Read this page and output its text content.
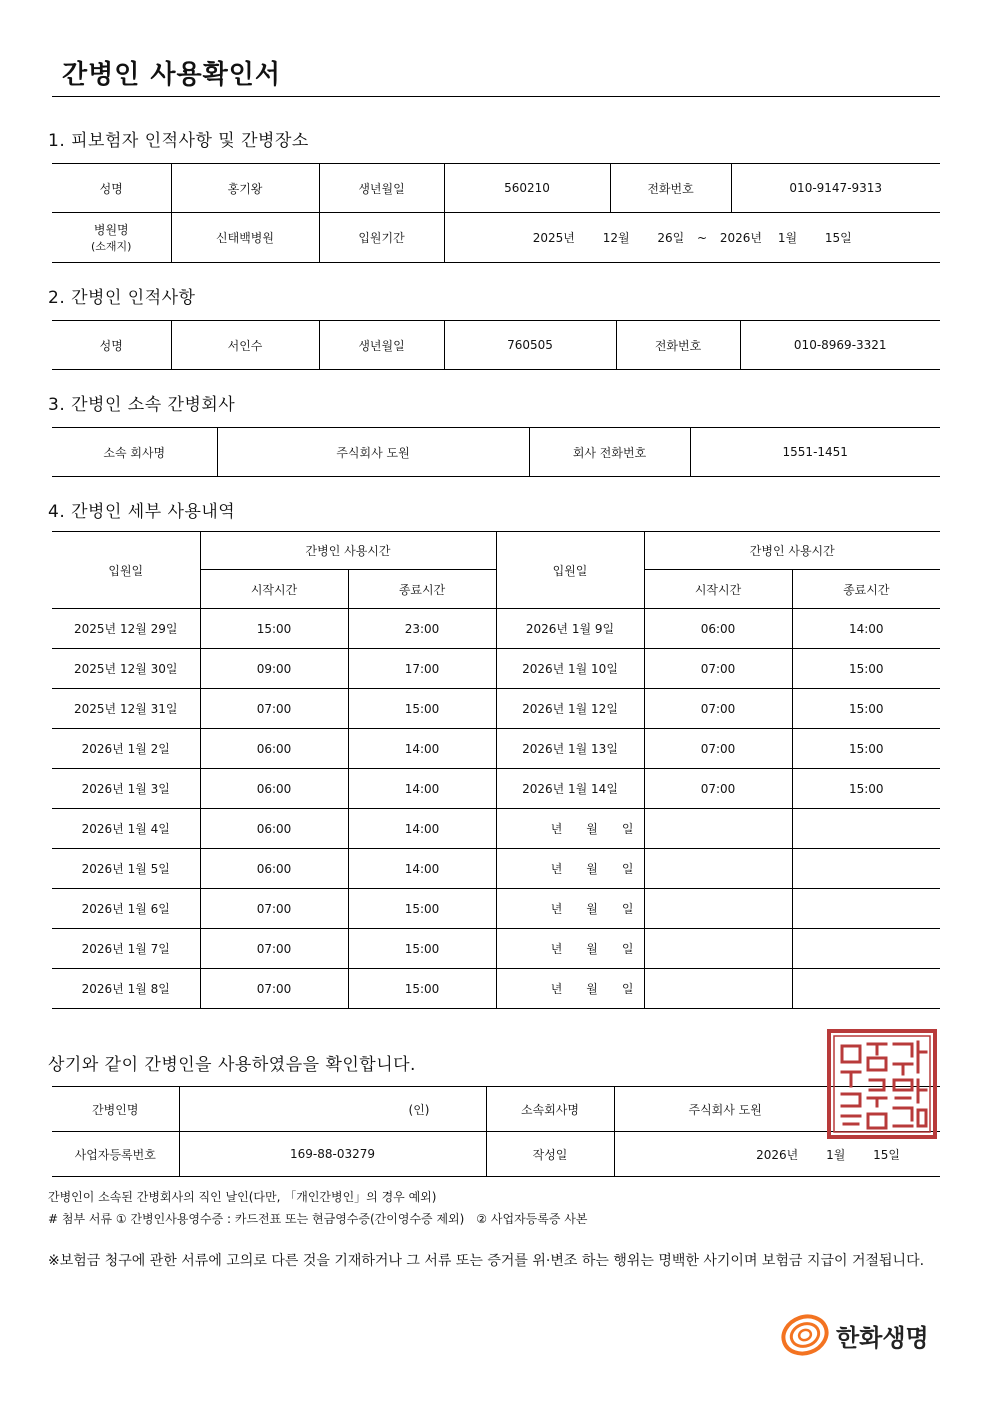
간병인 사용확인서
1. 피보험자 인적사항 및 간병장소
성명	홍기왕	생년월일	560210	전화번호	010-9147-9313
병원명
(소재지)	신태백병원	입원기간	2025년　　 12월　　 26일 ~ 2026년　 1월　　 15일		
2. 간병인 인적사항
성명	서인수	생년월일	760505	전화번호	010-8969-3321
3. 간병인 소속 간병회사
소속 회사명	주식회사 도원	회사 전화번호	1551-1451
4. 간병인 세부 사용내역
입원일	간병인 사용시간		입원일	간병인 사용시간	
	시작시간	종료시간		시작시간	종료시간
2025년 12월 29일	15:00	23:00	2026년 1월 9일	06:00	14:00
2025년 12월 30일	09:00	17:00	2026년 1월 10일	07:00	15:00
2025년 12월 31일	07:00	15:00	2026년 1월 12일	07:00	15:00
2026년 1월 2일	06:00	14:00	2026년 1월 13일	07:00	15:00
2026년 1월 3일	06:00	14:00	2026년 1월 14일	07:00	15:00
2026년 1월 4일	06:00	14:00	년　　월　　일		
2026년 1월 5일	06:00	14:00	년　　월　　일		
2026년 1월 6일	07:00	15:00	년　　월　　일		
2026년 1월 7일	07:00	15:00	년　　월　　일		
2026년 1월 8일	07:00	15:00	년　　월　　일		
상기와 같이 간병인을 사용하였음을 확인합니다.
간병인명	(인)	소속회사명	주식회사 도원
사업자등록번호	169-88-03279	작성일	2026년　　 1월　　 15일
간병인이 소속된 간병회사의 직인 날인(다만, 「개인간병인」의 경우 예외)
# 첨부 서류 ① 간병인사용영수증 : 카드전표 또는 현금영수증(간이영수증 제외)　② 사업자등록증 사본
※보험금 청구에 관한 서류에 고의로 다른 것을 기재하거나 그 서류 또는 증거를 위·변조 하는 행위는 명백한 사기이며 보험금 지급이 거절됩니다.
한화생명
